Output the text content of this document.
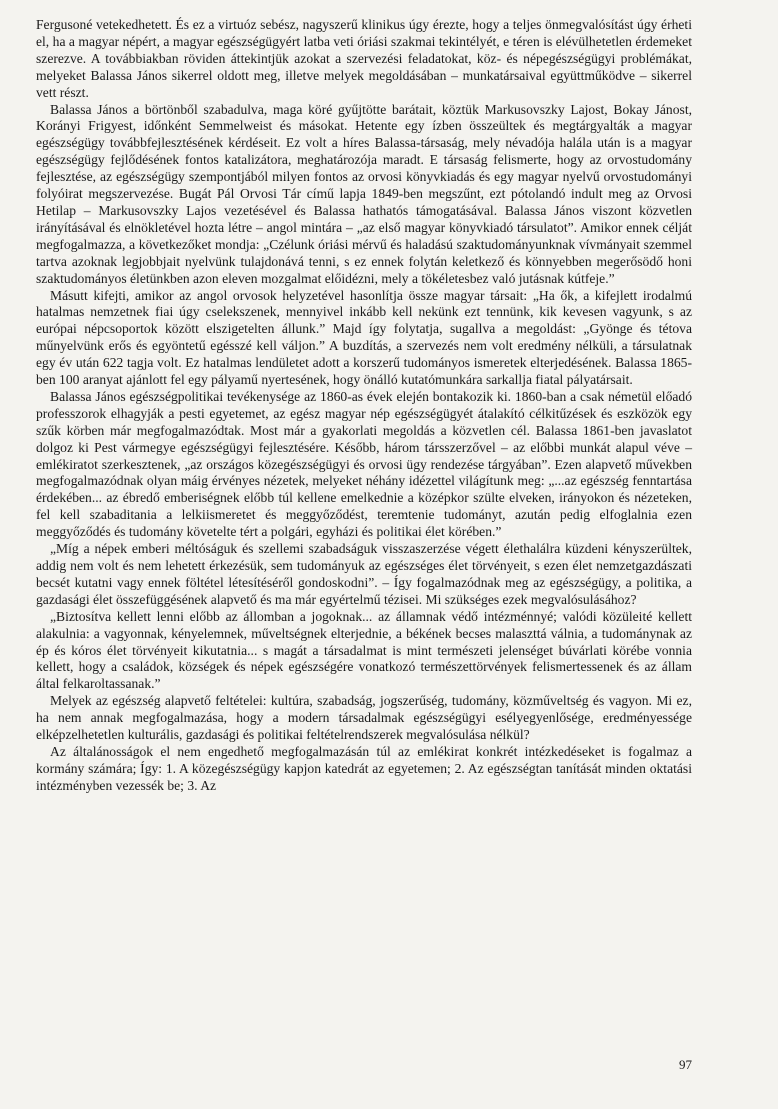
Fergusoné vetekedhetett. És ez a virtuóz sebész, nagyszerű klinikus úgy érezte, hogy a teljes önmegvalósítást úgy érheti el, ha a magyar népért, a magyar egészségügyért latba veti óriási szakmai tekintélyét, e téren is elévülhetetlen érdemeket szerezve. A továbbiakban röviden áttekintjük azokat a szervezési feladatokat, köz- és népegészségügyi problémákat, melyeket Balassa János sikerrel oldott meg, illetve melyek megoldásában – munkatársaival együttműködve – sikerrel vett részt.

Balassa János a börtönből szabadulva, maga köré gyűjtötte barátait, köztük Markusovszky Lajost, Bokay Jánost, Korányi Frigyest, időnként Semmelweist és másokat. Hetente egy ízben összeültek és megtárgyalták a magyar egészségügy továbbfejlesztésének kérdéseit. Ez volt a híres Balassa-társaság, mely névadója halála után is a magyar egészségügy fejlődésének fontos katalizátora, meghatározója maradt. E társaság felismerte, hogy az orvostudomány fejlesztése, az egészségügy szempontjából milyen fontos az orvosi könyvkiadás és egy magyar nyelvű orvostudományi folyóirat megszervezése. Bugát Pál Orvosi Tár című lapja 1849-ben megszűnt, ezt pótolandó indult meg az Orvosi Hetilap – Markusovszky Lajos vezetésével és Balassa hathatós támogatásával. Balassa János viszont közvetlen irányításával és elnökletével hozta létre – angol mintára – „az első magyar könyvkiadó társulatot”. Amikor ennek célját megfogalmazza, a következőket mondja: „Czélunk óriási mérvű és haladású szaktudományunknak vívmányait szemmel tartva azoknak legjobbjait nyelvünk tulajdonává tenni, s ez ennek folytán keletkező és könnyebben megerősödő honi szaktudományos életünkben azon eleven mozgalmat előidézni, mely a tökéletesbez való jutásnak kútfeje.”

Másutt kifejti, amikor az angol orvosok helyzetével hasonlítja össze magyar társait: „Ha ők, a kifejlett irodalmú hatalmas nemzetnek fiai úgy cselekszenek, mennyivel inkább kell nekünk ezt tennünk, kik kevesen vagyunk, s az európai népcsoportok között elszigetelten állunk.” Majd így folytatja, sugallva a megoldást: „Gyönge és tétova műnyelvünk erős és egyöntetű egésszé kell váljon.” A buzdítás, a szervezés nem volt eredmény nélküli, a társulatnak egy év után 622 tagja volt. Ez hatalmas lendületet adott a korszerű tudományos ismeretek elterjedésének. Balassa 1865-ben 100 aranyat ajánlott fel egy pályamű nyertesének, hogy önálló kutatómunkára sarkallja fiatal pályatársait.

Balassa János egészségpolitikai tevékenysége az 1860-as évek elején bontakozik ki. 1860-ban a csak németül előadó professzorok elhagyják a pesti egyetemet, az egész magyar nép egészségügyét átalakító célkitűzések és eszközök egy szűk körben már megfogalmazódtak. Most már a gyakorlati megoldás a közvetlen cél. Balassa 1861-ben javaslatot dolgoz ki Pest vármegye egészségügyi fejlesztésére. Később, három társszerzővel – az előbbi munkát alapul véve – emlékiratot szerkesztenek, „az országos közegészségügyi és orvosi ügy rendezése tárgyában”. Ezen alapvető művekben megfogalmazódnak olyan máig érvényes nézetek, melyeket néhány idézettel világítunk meg: „...az egészség fenntartása érdekében... az ébredő emberiségnek előbb túl kellene emelkednie a középkor szülte elveken, irányokon és nézeteken, fel kell szabaditania a lelkiismeretet és meggyőződést, teremtenie tudományt, azután pedig elfoglalnia ezen meggyőződés és tudomány követelte tért a polgári, egyházi és politikai élet körében.”

„Míg a népek emberi méltóságuk és szellemi szabadságuk visszaszerzése végett élethalálra küzdeni kényszerültek, addig nem volt és nem lehetett érkezésük, sem tudományuk az egészséges élet törvényeit, s ezen élet nemzetgazdászati becsét kutatni vagy ennek föltétel létesítéséről gondoskodni”. – Így fogalmazódnak meg az egészségügy, a politika, a gazdasági élet összefüggésének alapvető és ma már egyértelmű tézisei. Mi szükséges ezek megvalósulásához?

„Biztosítva kellett lenni előbb az állomban a jogoknak... az államnak védő intézménnyé; valódi közüleité kellett alakulnia: a vagyonnak, kényelemnek, műveltségnek elterjednie, a békének becses malaszttá válnia, a tudománynak az ép és kóros élet törvényeit kikutatnia... s magát a társadalmat is mint természeti jelenséget búvárlati körébe vonnia kellett, hogy a családok, községek és népek egészségére vonatkozó természettörvények felismertessenek és az állam által felkaroltassanak.”

Melyek az egészség alapvető feltételei: kultúra, szabadság, jogszerűség, tudomány, közműveltség és vagyon. Mi ez, ha nem annak megfogalmazása, hogy a modern társadalmak egészségügyi esélyegyenlősége, eredményessége elképzelhetetlen kulturális, gazdasági és politikai feltételrendszerek megvalósulása nélkül?

Az általánosságok el nem engedhető megfogalmazásán túl az emlékirat konkrét intézkedéseket is fogalmaz a kormány számára; Így: 1. A közegészségügy kapjon katedrát az egyetemen; 2. Az egészségtan tanítását minden oktatási intézményben vezessék be; 3. Az

97
